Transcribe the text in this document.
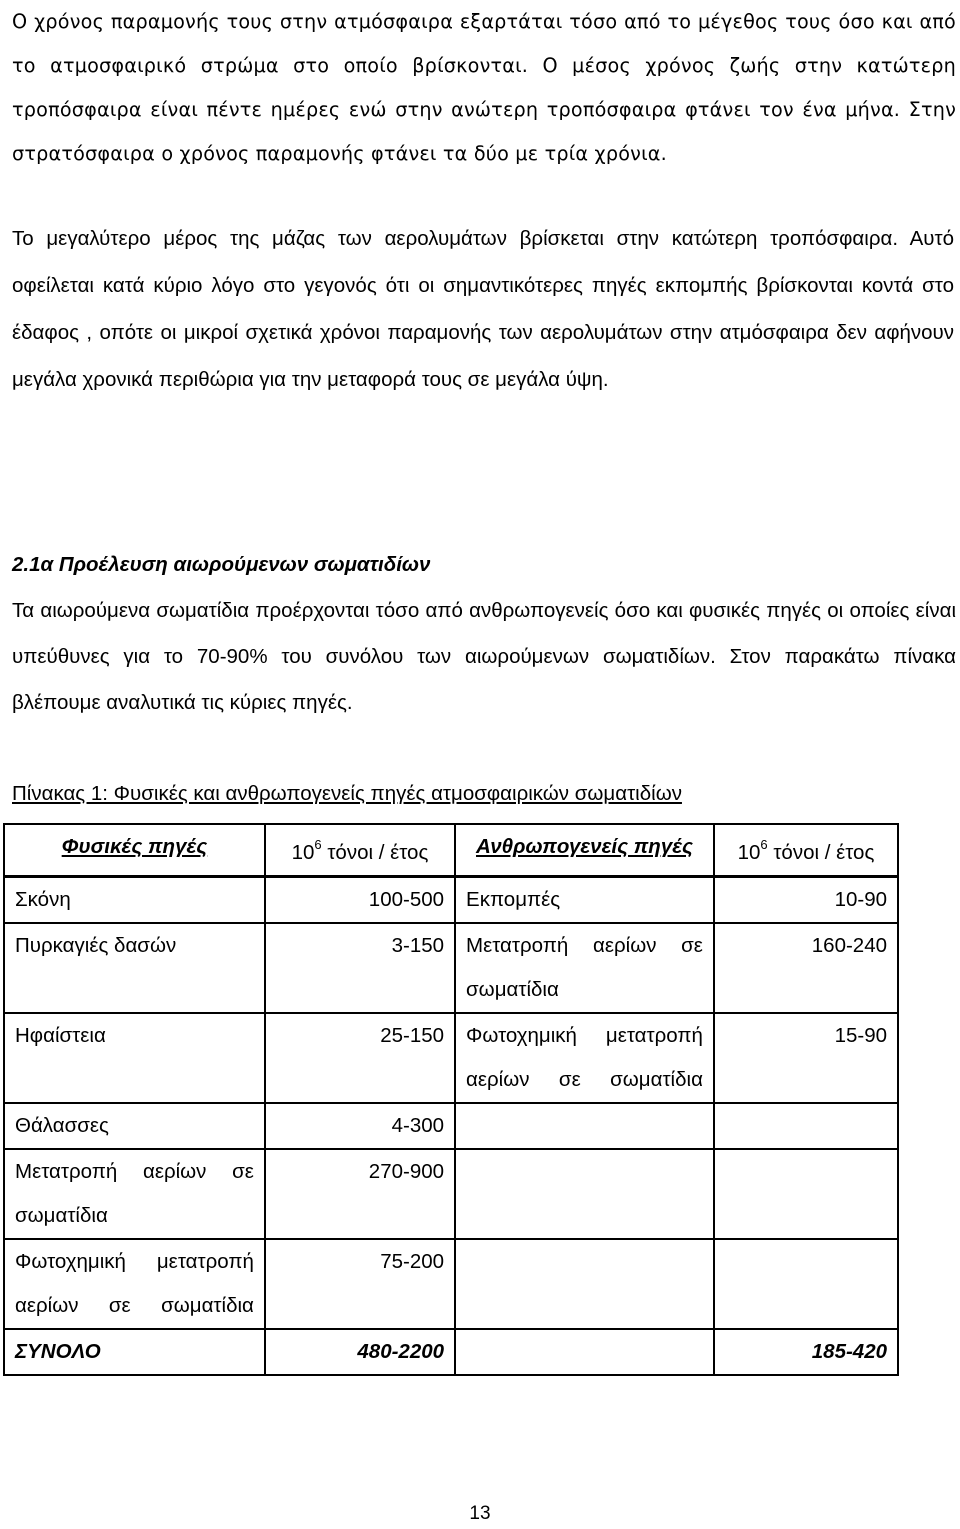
Ο χρόνος παραμονής τους στην ατμόσφαιρα εξαρτάται τόσο από το μέγεθος τους όσο και από το ατμοσφαιρικό στρώμα στο οποίο βρίσκονται. Ο μέσος χρόνος ζωής στην κατώτερη τροπόσφαιρα είναι πέντε ημέρες ενώ στην ανώτερη τροπόσφαιρα φτάνει τον ένα μήνα. Στην στρατόσφαιρα ο χρόνος παραμονής φτάνει τα δύο με τρία χρόνια.
Το μεγαλύτερο μέρος της μάζας των αερολυμάτων βρίσκεται στην κατώτερη τροπόσφαιρα. Αυτό οφείλεται κατά κύριο λόγο στο γεγονός ότι οι σημαντικότερες πηγές εκπομπής βρίσκονται κοντά στο έδαφος , οπότε οι μικροί σχετικά χρόνοι παραμονής των αερολυμάτων στην ατμόσφαιρα δεν αφήνουν μεγάλα χρονικά περιθώρια για την μεταφορά τους σε μεγάλα ύψη.
2.1α Προέλευση αιωρούμενων σωματιδίων
Τα αιωρούμενα σωματίδια προέρχονται τόσο από ανθρωπογενείς όσο και φυσικές πηγές οι οποίες είναι υπεύθυνες για το 70-90% του συνόλου των αιωρούμενων σωματιδίων. Στον παρακάτω πίνακα βλέπουμε αναλυτικά τις κύριες πηγές.
Πίνακας 1: Φυσικές και ανθρωπογενείς πηγές ατμοσφαιρικών σωματιδίων
Φυσικές πηγές	$10^6$ τόνοι / έτος	Ανθρωπογενείς πηγές	$10^6$ τόνοι / έτος
Σκόνη	100-500	Εκπομπές	10-90
Πυρκαγιές δασών	3-150	Μετατροπή αερίων σε σωματίδια	160-240
Ηφαίστεια	25-150	Φωτοχημική μετατροπή αερίων σε σωματίδια	15-90
Θάλασσες	4-300		

Μετατροπή αερίων σε σωματίδια	270-900		

Φωτοχημική μετατροπή αερίων σε σωματίδια	75-200		
ΣΥΝΟΛΟ	480-2200		185-420
13
